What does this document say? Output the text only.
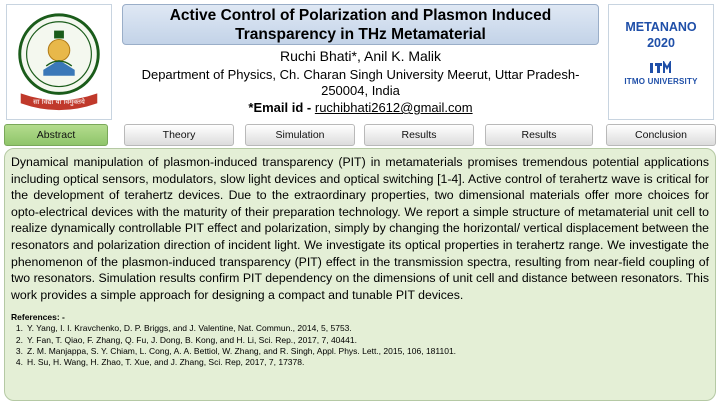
सा विद्या या विमुक्तये
Active Control of Polarization and Plasmon Induced
Transparency in THz Metamaterial
Ruchi Bhati*, Anil K. Malik
Department of Physics, Ch. Charan Singh University Meerut, Uttar Pradesh-
250004, India
*Email id - ruchibhati2612@gmail.com
METANANO
2020
ITMO UNIVERSITY
Abstract	Theory	Simulation	Results	Results	Conclusion

Dynamical manipulation of plasmon-induced transparency (PIT) in metamaterials promises tremendous potential applications including optical sensors, modulators, slow light devices and optical switching [1-4]. Active control of terahertz wave is critical for the development of terahertz devices. Due to the extraordinary properties, two dimensional materials offer more choices for opto-electrical devices with the maturity of their preparation technology. We report a simple structure of metamaterial unit cell to realize dynamically controllable PIT effect and polarization, simply by changing the horizontal/ vertical displacement between the resonators and polarization direction of incident light. We investigate its optical properties in terahertz range. We investigate the phenomenon of the plasmon-induced transparency (PIT) effect in the transmission spectra, resulting from near-field coupling of two resonators. Simulation results confirm PIT dependency on the dimensions of unit cell and distance between resonators. This work provides a simple approach for designing a compact and tunable PIT devices.

References: -
1. Y. Yang, I. I. Kravchenko, D. P. Briggs, and J. Valentine, Nat. Commun., 2014, 5, 5753.
2. Y. Fan, T. Qiao, F. Zhang, Q. Fu, J. Dong, B. Kong, and H. Li, Sci. Rep., 2017, 7, 40441.
3. Z. M. Manjappa, S. Y. Chiam, L. Cong, A. A. Bettiol, W. Zhang, and R. Singh, Appl. Phys. Lett., 2015, 106, 181101.
4. H. Su, H. Wang, H. Zhao, T. Xue, and J. Zhang, Sci. Rep, 2017, 7, 17378.
